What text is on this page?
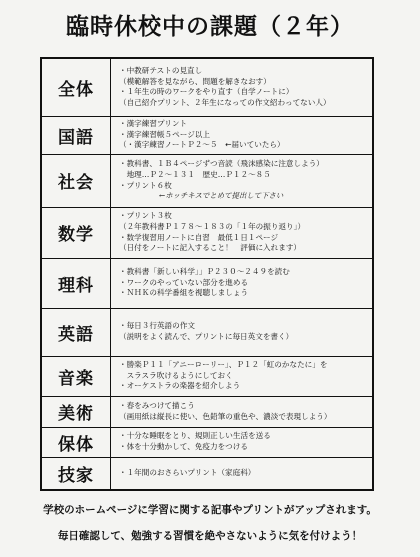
臨時休校中の課題（２年）
全体	・中教研テストの見直し
（模範解答を見ながら、問題を解きなおす）
・１年生の時のワークをやり直す（自学ノートに）
（自己紹介プリント、２年生になっての作文紹わってない人）

国語	・漢字練習プリント
・漢字練習帳５ページ以上
（・漢字練習ノートＰ２～５　←届いていたら）

社会	・教科書、１Ｂ４ページずつ音読（飛沫感染に注意しよう）
　地理…Ｐ２～１３１　歴史…Ｐ１２～８５
・プリント６枚
←ホッチキスでとめて提出して下さい

数学	・プリント３枚
（２年教科書Ｐ１７８～１８３の「１年の振り返り」）
・数学復習用ノートに自習　最低１日１ページ
（日付をノートに記入すること！　評価に入れます）

理科	・教科書「新しい科学」」Ｐ２３０～２４９を読む
・ワークのやっていない部分を進める
・ＮＨＫの科学番組を視聴しましょう

英語	・毎日３行英語の作文
（説明をよく読んで、プリントに毎日英文を書く）

音楽	・勝楽Ｐ１１「アニーローリー」、Ｐ１２「虹のかなたに」を
　スラスラ吹けるようにしておく
・オーケストラの楽器を紹介しよう

美術	・春をみつけて描こう
（画用紙は縦長に使い、色鉛筆の重色や、濃淡で表現しよう）

保体	・十分な睡眠をとり、規則正しい生活を送る
・体を十分動かして、免疫力をつける

技家	・１年間のおさらいプリント（家庭科）
学校のホームページに学習に関する記事やプリントがアップされます。
毎日確認して、勉強する習慣を絶やさないように気を付けよう！
